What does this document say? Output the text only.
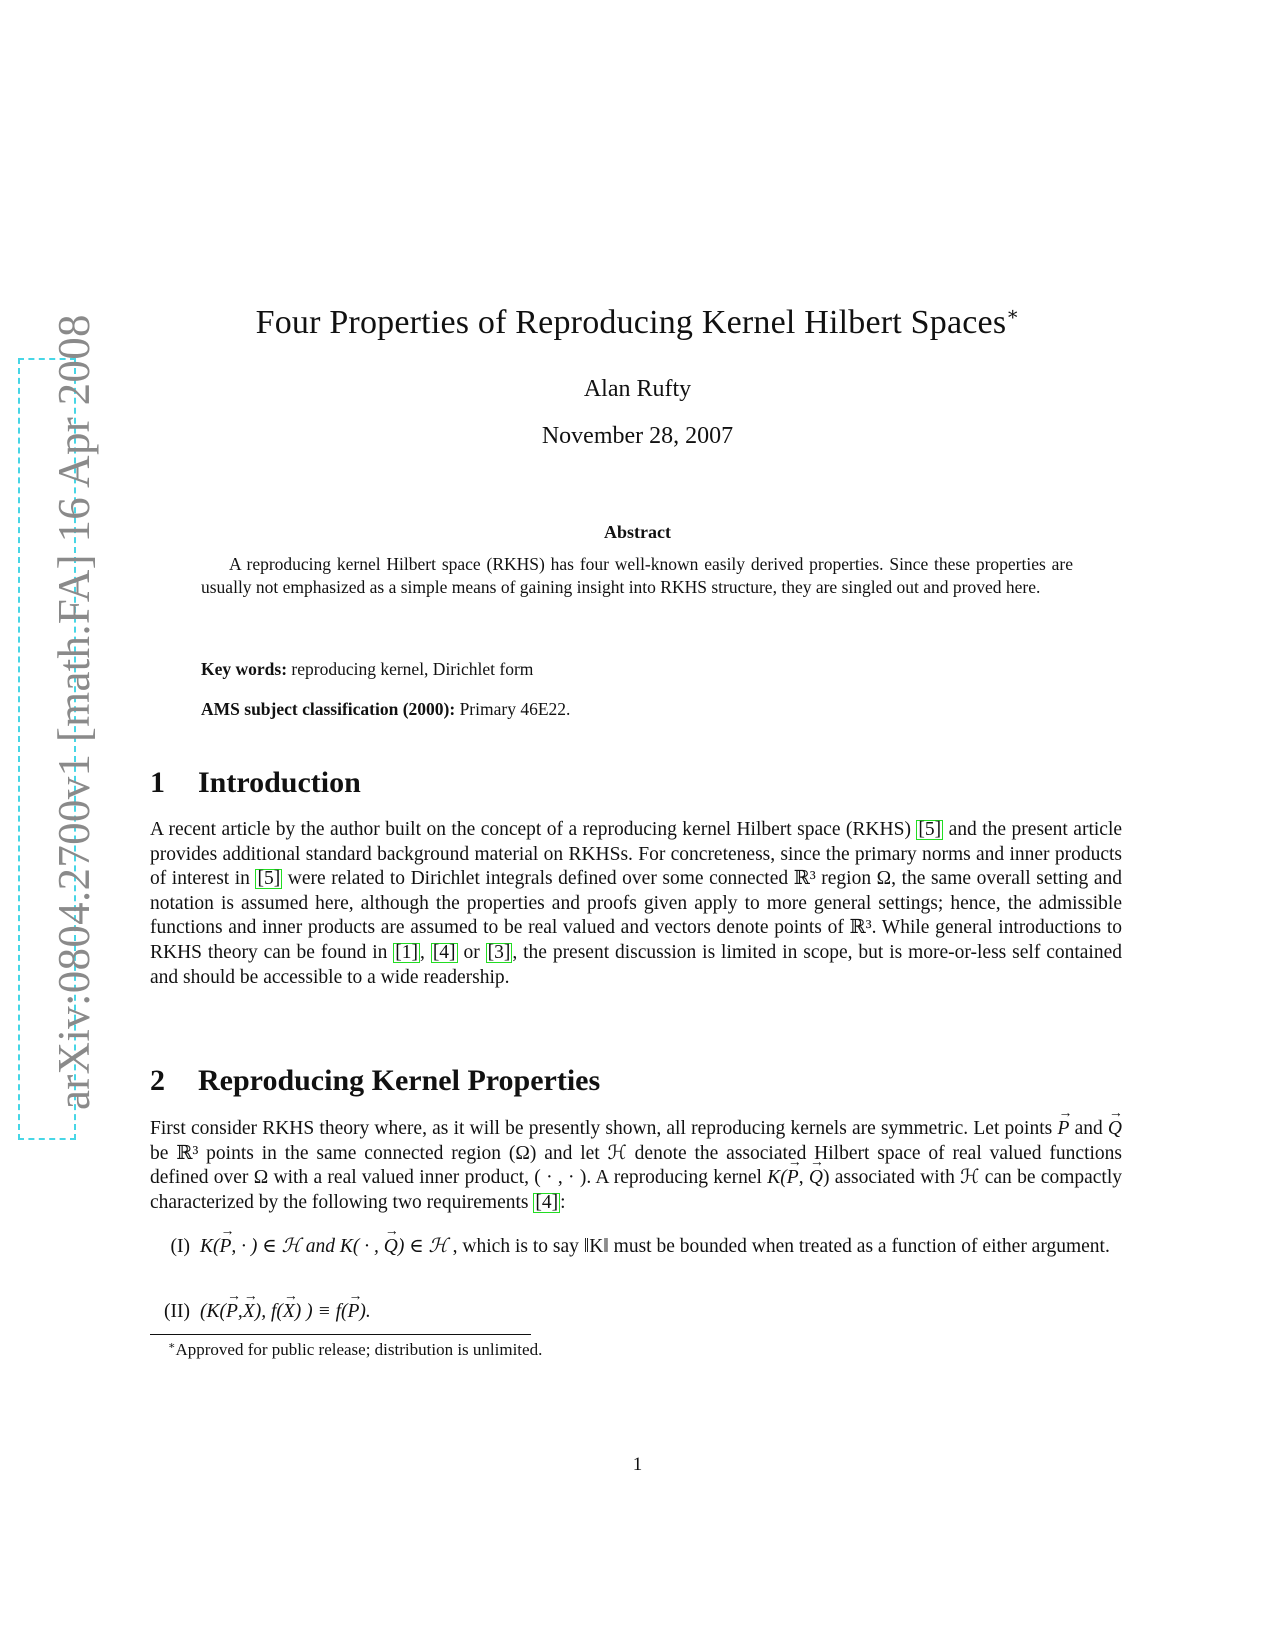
arXiv:0804.2700v1 [math.FA] 16 Apr 2008	Four Properties of Reproducing Kernel Hilbert Spaces∗
Alan Rufty
November 28, 2007
Abstract
A reproducing kernel Hilbert space (RKHS) has four well-known easily derived properties. Since these properties are usually not emphasized as a simple means of gaining insight into RKHS structure, they are singled out and proved here.
Key words: reproducing kernel, Dirichlet form
AMS subject classification (2000): Primary 46E22.
1 Introduction
A recent article by the author built on the concept of a reproducing kernel Hilbert space (RKHS) [5] and the present article provides additional standard background material on RKHSs. For concreteness, since the primary norms and inner products of interest in [5] were related to Dirichlet integrals defined over some connected ℝ³ region Ω, the same overall setting and notation is assumed here, although the properties and proofs given apply to more general settings; hence, the admissible functions and inner products are assumed to be real valued and vectors denote points of ℝ³. While general introductions to RKHS theory can be found in [1] , [4] or [3] , the present discussion is limited in scope, but is more-or-less self contained and should be accessible to a wide readership.
2 Reproducing Kernel Properties
First consider RKHS theory where, as it will be presently shown, all reproducing kernels are symmetric. Let points → P and → Q be ℝ³ points in the same connected region (Ω) and let ℋ denote the associated Hilbert space of real valued functions defined over Ω with a real valued inner product, ( · , · ). A reproducing kernel K(→ P, → Q) associated with ℋ can be compactly characterized by the following two requirements [4] :
(I) K(→ P, · ) ∈ ℋ and K( · , → Q) ∈ ℋ , which is to say ‖K‖ must be bounded when treated as a function of either argument.
(II) (K(→ P,→ X), f(→ X) ) ≡ f(→ P).
∗Approved for public release; distribution is unlimited.
1
